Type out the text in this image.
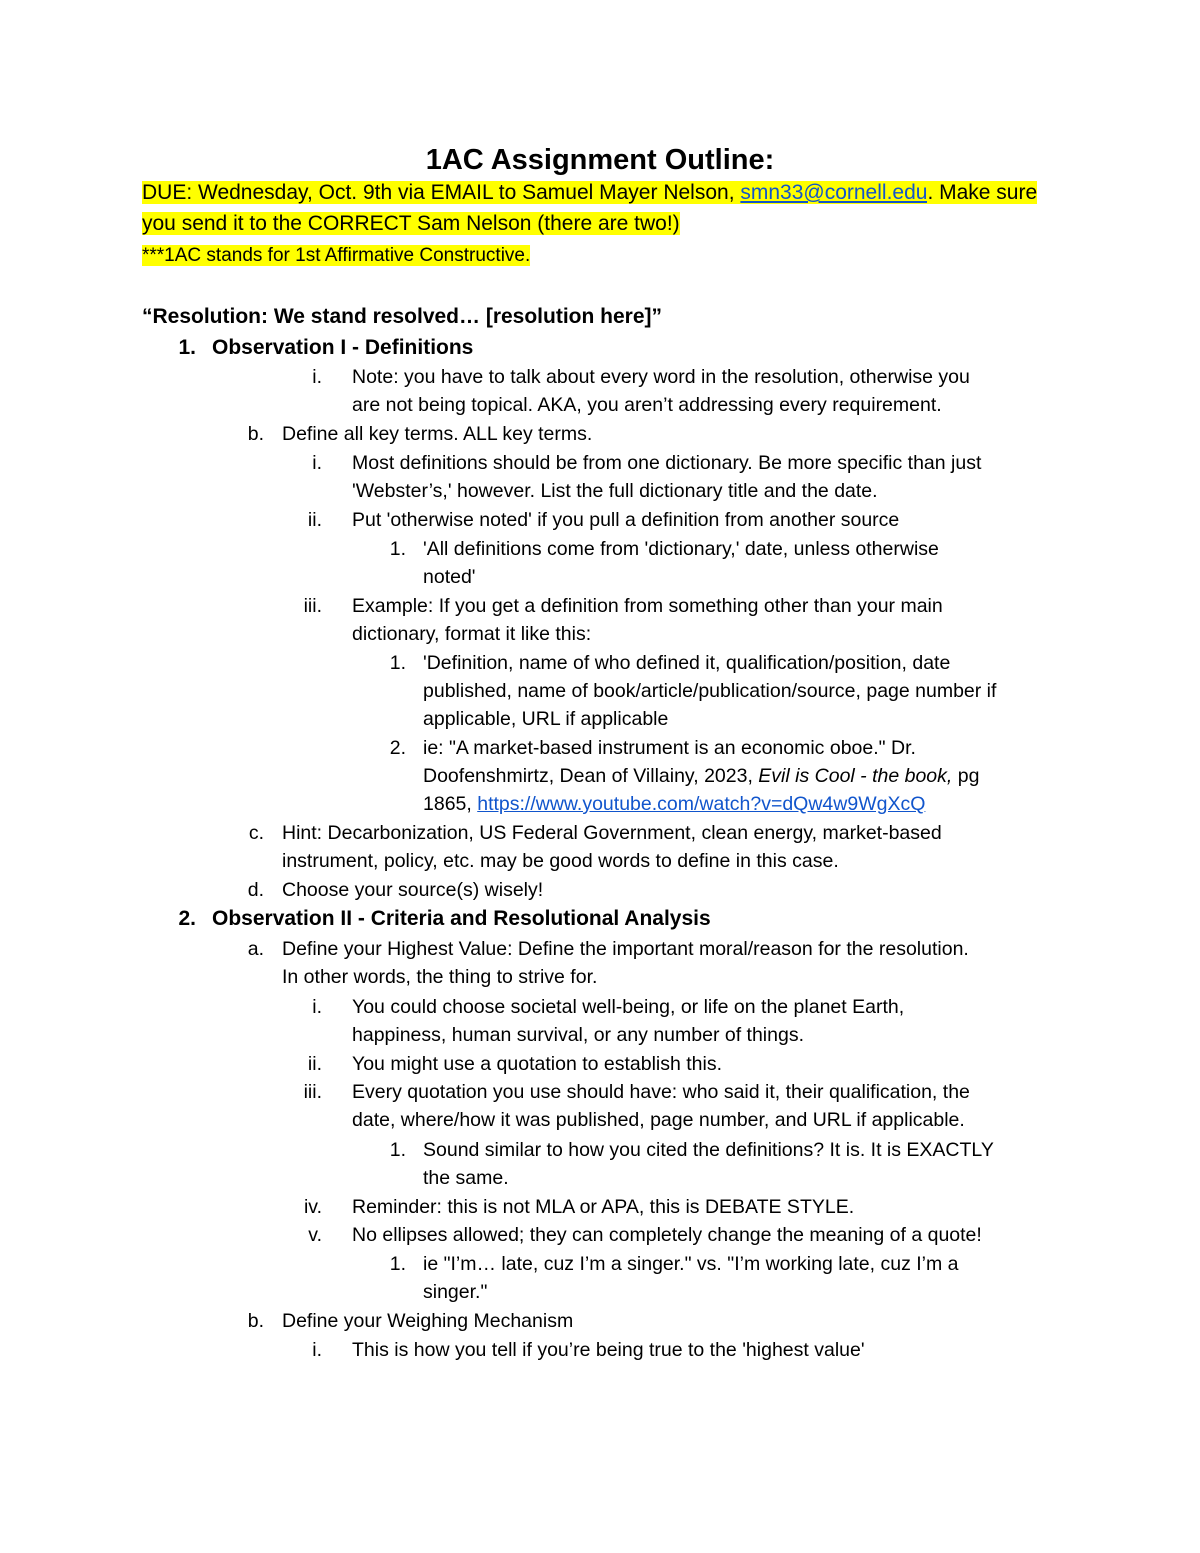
1AC Assignment Outline:
DUE: Wednesday, Oct. 9th via EMAIL to Samuel Mayer Nelson, smn33@cornell.edu. Make sure you send it to the CORRECT Sam Nelson (there are two!)
***1AC stands for 1st Affirmative Constructive.
“Resolution: We stand resolved… [resolution here]”
1. Observation I - Definitions
i. Note: you have to talk about every word in the resolution, otherwise you
are not being topical. AKA, you aren’t addressing every requirement.
b. Define all key terms. ALL key terms.
i. Most definitions should be from one dictionary. Be more specific than just
'Webster’s,' however. List the full dictionary title and the date.
ii. Put 'otherwise noted' if you pull a definition from another source
1. 'All definitions come from 'dictionary,' date, unless otherwise
noted'
iii. Example: If you get a definition from something other than your main
dictionary, format it like this:
1. 'Definition, name of who defined it, qualification/position, date
published, name of book/article/publication/source, page number if
applicable, URL if applicable
2. ie: "A market-based instrument is an economic oboe." Dr.
Doofenshmirtz, Dean of Villainy, 2023, Evil is Cool - the book, pg
1865, https://www.youtube.com/watch?v=dQw4w9WgXcQ
c. Hint: Decarbonization, US Federal Government, clean energy, market-based
instrument, policy, etc. may be good words to define in this case.
d. Choose your source(s) wisely!
2. Observation II - Criteria and Resolutional Analysis
a. Define your Highest Value: Define the important moral/reason for the resolution.
In other words, the thing to strive for.
i. You could choose societal well-being, or life on the planet Earth,
happiness, human survival, or any number of things.
ii. You might use a quotation to establish this.
iii. Every quotation you use should have: who said it, their qualification, the
date, where/how it was published, page number, and URL if applicable.
1. Sound similar to how you cited the definitions? It is. It is EXACTLY
the same.
iv. Reminder: this is not MLA or APA, this is DEBATE STYLE.
v. No ellipses allowed; they can completely change the meaning of a quote!
1. ie "I’m… late, cuz I’m a singer." vs. "I’m working late, cuz I’m a
singer."
b. Define your Weighing Mechanism
i. This is how you tell if you’re being true to the 'highest value'
